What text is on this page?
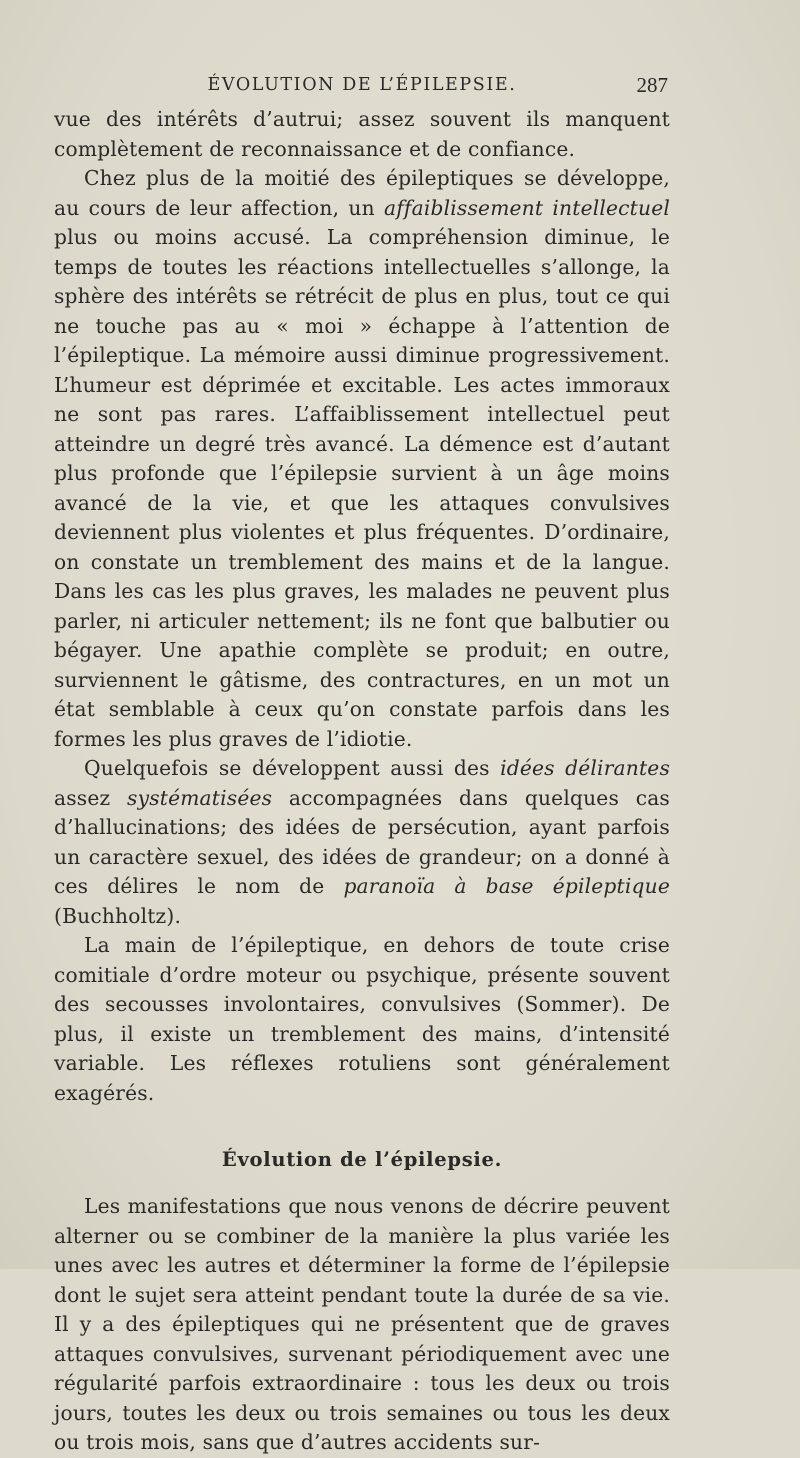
ÉVOLUTION DE L’ÉPILEPSIE.	287

vue des intérêts d’autrui; assez souvent ils manquent complètement de reconnaissance et de confiance.

Chez plus de la moitié des épileptiques se développe, au cours de leur affection, un affaiblissement intellectuel plus ou moins accusé. La compréhension diminue, le temps de toutes les réactions intellectuelles s’allonge, la sphère des intérêts se rétrécit de plus en plus, tout ce qui ne touche pas au « moi » échappe à l’attention de l’épileptique. La mémoire aussi diminue progressivement. L’humeur est déprimée et excitable. Les actes immoraux ne sont pas rares. L’affaiblissement intellectuel peut atteindre un degré très avancé. La démence est d’autant plus profonde que l’épilepsie survient à un âge moins avancé de la vie, et que les attaques convulsives deviennent plus violentes et plus fréquentes. D’ordinaire, on constate un tremblement des mains et de la langue. Dans les cas les plus graves, les malades ne peuvent plus parler, ni articuler nettement; ils ne font que balbutier ou bégayer. Une apathie complète se produit; en outre, surviennent le gâtisme, des contractures, en un mot un état semblable à ceux qu’on constate parfois dans les formes les plus graves de l’idiotie.

Quelquefois se développent aussi des idées délirantes assez systématisées accompagnées dans quelques cas d’hallucinations; des idées de persécution, ayant parfois un caractère sexuel, des idées de grandeur; on a donné à ces délires le nom de paranoïa à base épileptique (Buchholtz).

La main de l’épileptique, en dehors de toute crise comitiale d’ordre moteur ou psychique, présente souvent des secousses involontaires, convulsives (Sommer). De plus, il existe un tremblement des mains, d’intensité variable. Les réflexes rotuliens sont généralement exagérés.

Évolution de l’épilepsie.

Les manifestations que nous venons de décrire peuvent alterner ou se combiner de la manière la plus variée les unes avec les autres et déterminer la forme de l’épilepsie dont le sujet sera atteint pendant toute la durée de sa vie. Il y a des épileptiques qui ne présentent que de graves attaques convulsives, survenant périodiquement avec une régularité parfois extraordinaire : tous les deux ou trois jours, toutes les deux ou trois semaines ou tous les deux ou trois mois, sans que d’autres accidents sur-
